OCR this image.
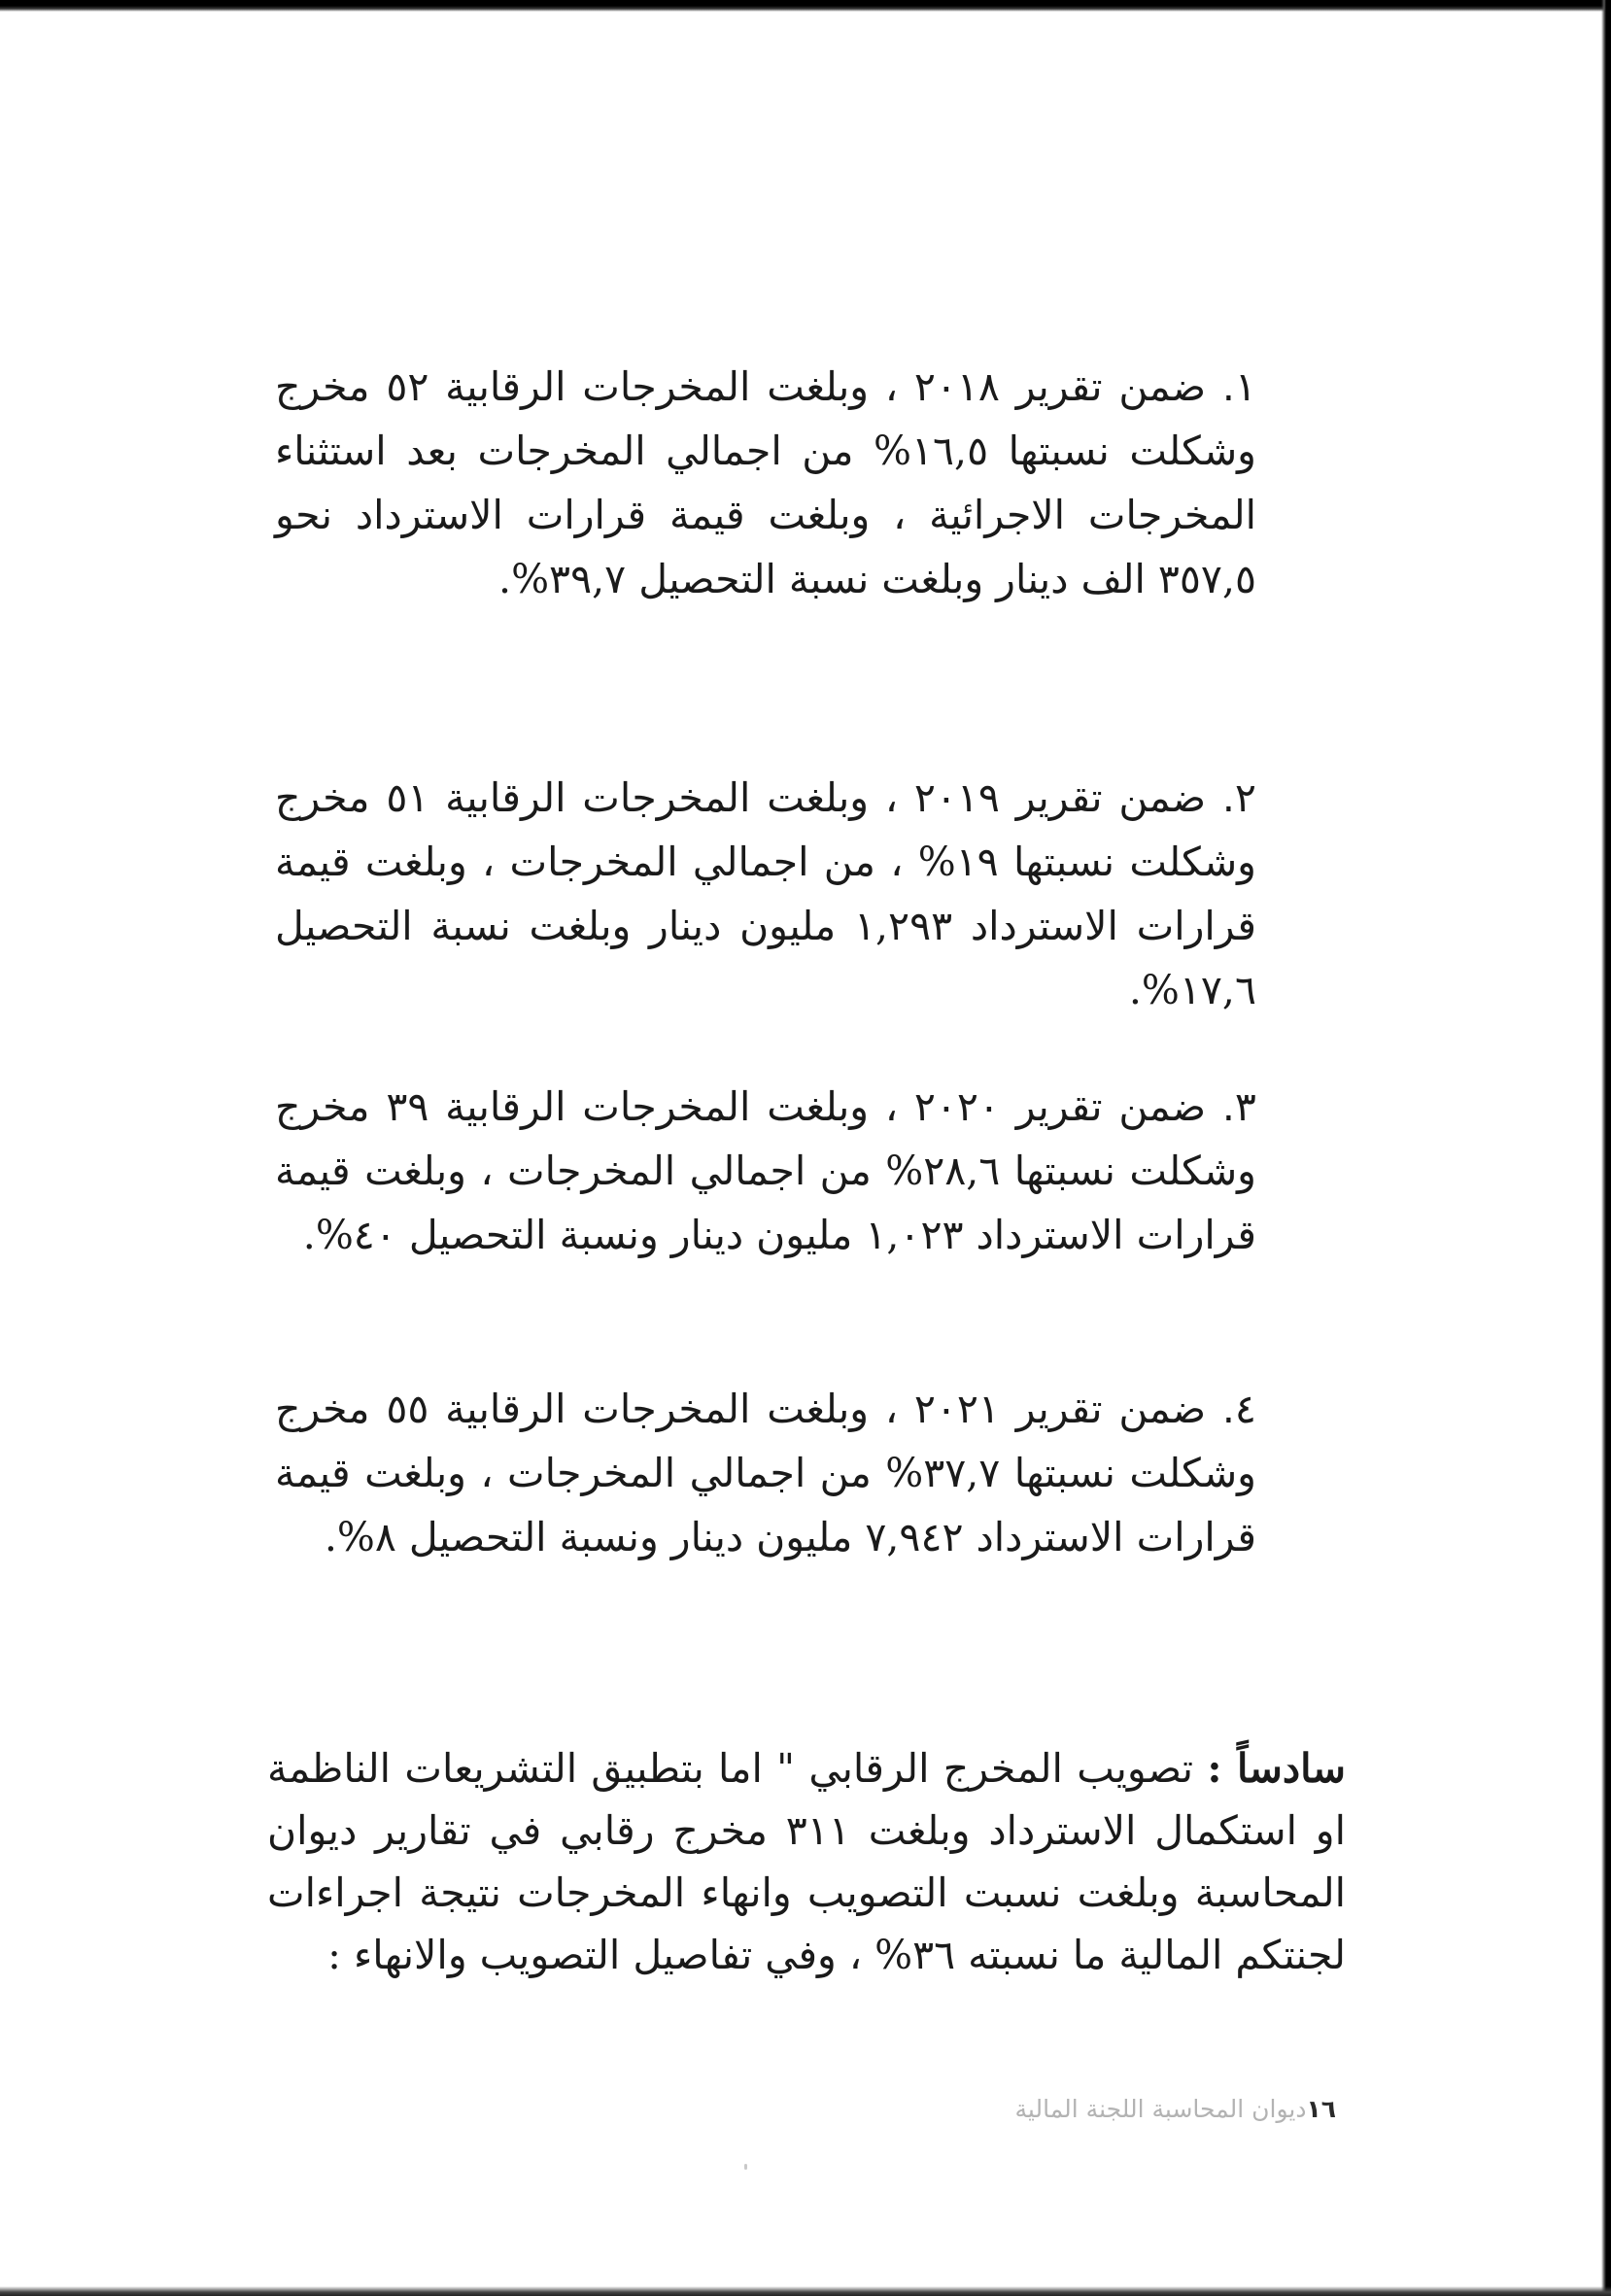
١. ضمن تقرير ٢٠١٨ ، وبلغت المخرجات الرقابية ٥٢ مخرج وشكلت نسبتها ١٦,٥% من اجمالي المخرجات بعد استثناء المخرجات الاجرائية ، وبلغت قيمة قرارات الاسترداد نحو ٣٥٧,٥ الف دينار وبلغت نسبة التحصيل ٣٩,٧%.
٢. ضمن تقرير ٢٠١٩ ، وبلغت المخرجات الرقابية ٥١ مخرج وشكلت نسبتها ١٩% ، من اجمالي المخرجات ، وبلغت قيمة قرارات الاسترداد ١,٢٩٣ مليون دينار وبلغت نسبة التحصيل ١٧,٦%.
٣. ضمن تقرير ٢٠٢٠ ، وبلغت المخرجات الرقابية ٣٩ مخرج وشكلت نسبتها ٢٨,٦% من اجمالي المخرجات ، وبلغت قيمة قرارات الاسترداد ١,٠٢٣ مليون دينار ونسبة التحصيل ٤٠%.
٤. ضمن تقرير ٢٠٢١ ، وبلغت المخرجات الرقابية ٥٥ مخرج وشكلت نسبتها ٣٧,٧% من اجمالي المخرجات ، وبلغت قيمة قرارات الاسترداد ٧,٩٤٢ مليون دينار ونسبة التحصيل ٨%.
سادساً : تصويب المخرج الرقابي " اما بتطبيق التشريعات الناظمة او استكمال الاسترداد وبلغت ٣١١ مخرج رقابي في تقارير ديوان المحاسبة وبلغت نسبت التصويب وانهاء المخرجات نتيجة اجراءات لجنتكم المالية ما نسبته ٣٦% ، وفي تفاصيل التصويب والانهاء :
١٦ديوان المحاسبة اللجنة المالية
